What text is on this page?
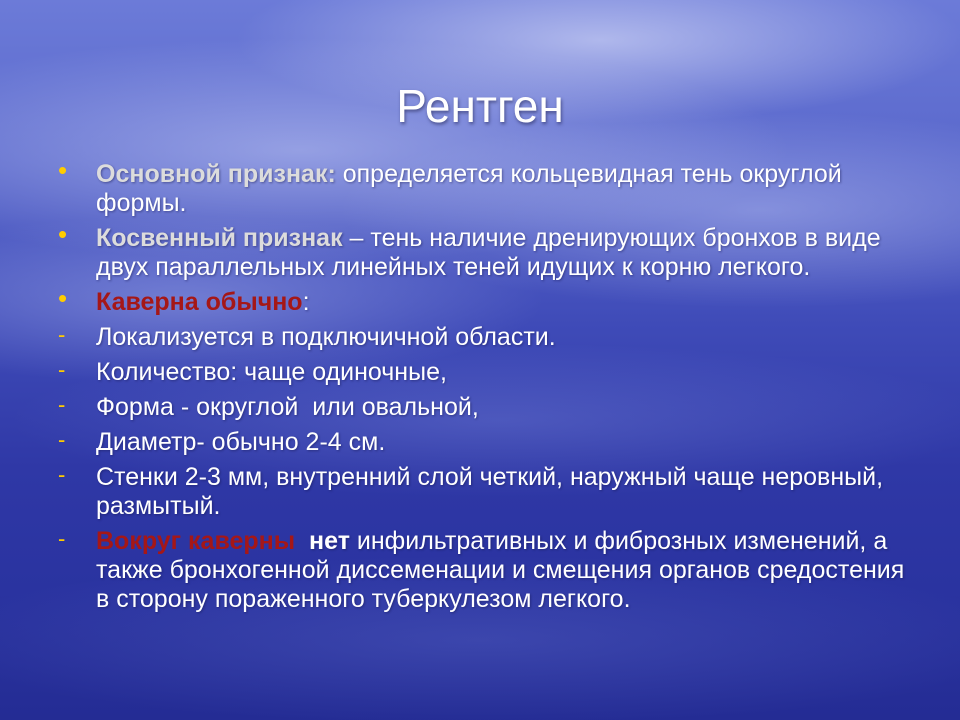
Рентген
•	Основной признак: определяется кольцевидная тень округлой формы.
•	Косвенный признак – тень наличие дренирующих бронхов в виде двух параллельных линейных теней идущих к корню легкого.
•	Каверна обычно:
-	Локализуется в подключичной области.
-	Количество: чаще одиночные,
-	Форма - округлой  или овальной,
-	Диаметр- обычно 2-4 см.
-	Стенки 2-3 мм, внутренний слой четкий, наружный чаще неровный, размытый.
-	Вокруг каверны нет инфильтративных и фиброзных изменений, а также бронхогенной диссеменации и смещения органов средостения в сторону пораженного туберкулезом легкого.
